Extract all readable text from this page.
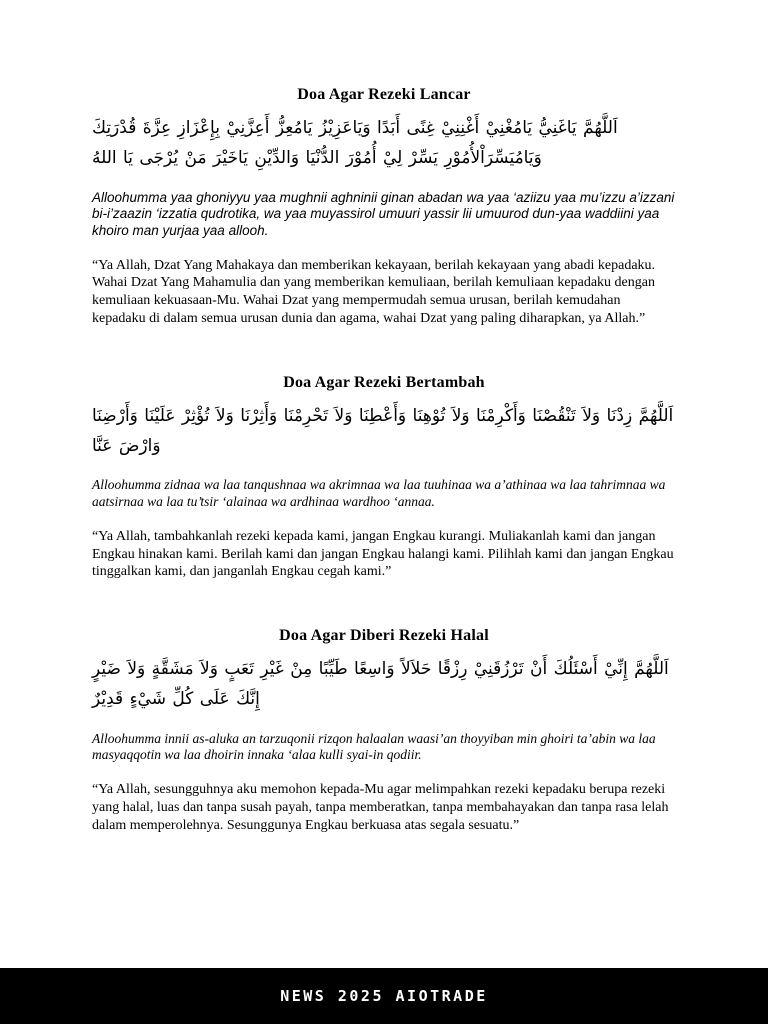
Doa Agar Rezeki Lancar

اَللَّهُمَّ يَاغَنِيُّ يَامُغْنِيْ أَغْنِنِيْ غِنًى أَبَدًا وَيَاعَزِيْزُ يَامُعِزُّ أَعِزَّنِيْ بِإِعْزَازِ عِزَّةَ قُدْرَتِكَ وَيَامُيَسِّرَاْلأُمُوْرِ يَسِّرْ لِيْ أُمُوْرَ الدُّنْيَا وَالدِّيْنِ يَاخَيْرَ مَنْ يُرْجَى يَا اللهُ

Alloohumma yaa ghoniyyu yaa mughnii aghninii ginan abadan wa yaa ‘aziizu yaa mu’izzu a’izzani bi-i’zaazin ‘izzatia qudrotika, wa yaa muyassirol umuuri yassir lii umuurod dun-yaa waddiini yaa khoiro man yurjaa yaa allooh.

“Ya Allah, Dzat Yang Mahakaya dan memberikan kekayaan, berilah kekayaan yang abadi kepadaku. Wahai Dzat Yang Mahamulia dan yang memberikan kemuliaan, berilah kemuliaan kepadaku dengan kemuliaan kekuasaan-Mu. Wahai Dzat yang mempermudah semua urusan, berilah kemudahan kepadaku di dalam semua urusan dunia dan agama, wahai Dzat yang paling diharapkan, ya Allah.”

Doa Agar Rezeki Bertambah

اَللَّهُمَّ زِدْنَا وَلاَ تَنْقُصْنَا وَأَكْرِمْنَا وَلاَ تُوْهِنَا وَأَعْطِنَا وَلاَ تَحْرِمْنَا وَأَثِرْنَا وَلاَ تُؤْثِرْ عَلَيْنَا وَأَرْضِنَا وَارْضَ عَنَّا

Alloohumma zidnaa wa laa tanqushnaa wa akrimnaa wa laa tuuhinaa wa a’athinaa wa laa tahrimnaa wa aatsirnaa wa laa tu’tsir ‘alainaa wa ardhinaa wardhoo ‘annaa.

“Ya Allah, tambahkanlah rezeki kepada kami, jangan Engkau kurangi. Muliakanlah kami dan jangan Engkau hinakan kami. Berilah kami dan jangan Engkau halangi kami. Pilihlah kami dan jangan Engkau tinggalkan kami, dan janganlah Engkau cegah kami.”

Doa Agar Diberi Rezeki Halal

اَللَّهُمَّ إِنِّيْ أَسْئَلُكَ أَنْ تَرْزُقَنِيْ رِزْقًا حَلاَلاً وَاسِعًا طَيِّبًا مِنْ غَيْرِ تَعَبٍ وَلاَ مَشَقَّةٍ وَلاَ ضَيْرٍ إِنَّكَ عَلَى كُلِّ شَيْءٍ قَدِيْرٌ

Alloohumma innii as-aluka an tarzuqonii rizqon halaalan waasi’an thoyyiban min ghoiri ta’abin wa laa masyaqqotin wa laa dhoirin innaka ‘alaa kulli syai-in qodiir.

“Ya Allah, sesungguhnya aku memohon kepada-Mu agar melimpahkan rezeki kepadaku berupa rezeki yang halal, luas dan tanpa susah payah, tanpa memberatkan, tanpa membahayakan dan tanpa rasa lelah dalam memperolehnya. Sesunggunya Engkau berkuasa atas segala sesuatu.”

NEWS 2025 AIOTRADE
